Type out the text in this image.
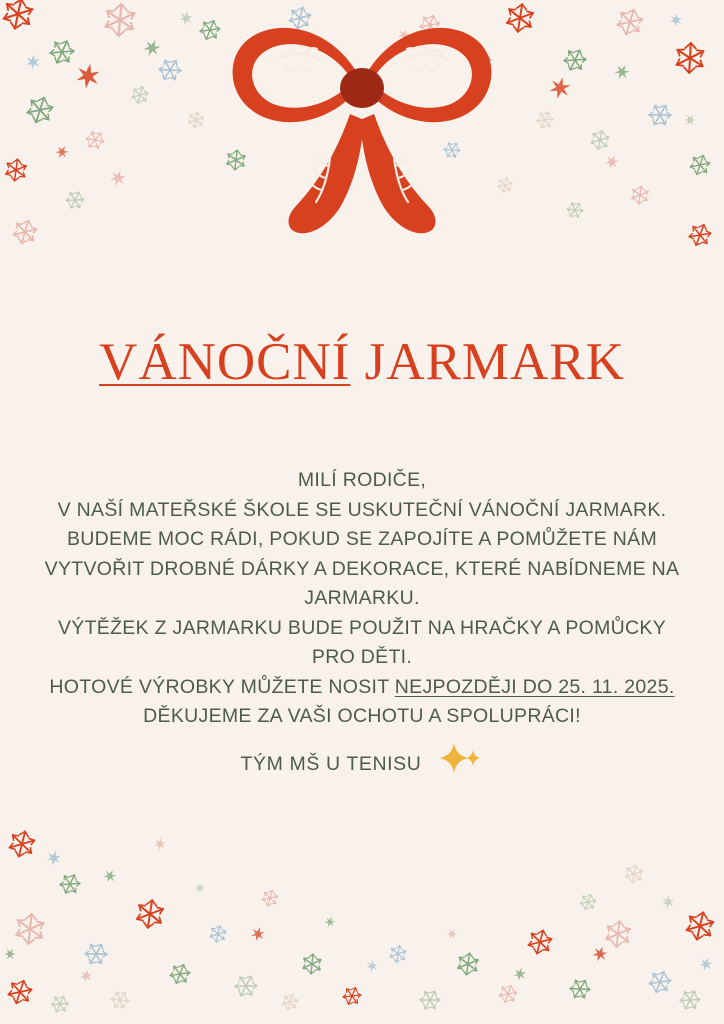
VÁNOČNÍ JARMARK
MILÍ RODIČE,
V NAŠÍ MATEŘSKÉ ŠKOLE SE USKUTEČNÍ VÁNOČNÍ JARMARK.
BUDEME MOC RÁDI, POKUD SE ZAPOJÍTE A POMŮŽETE NÁM
VYTVOŘIT DROBNÉ DÁRKY A DEKORACE, KTERÉ NABÍDNEME NA
JARMARKU.
VÝTĚŽEK Z JARMARKU BUDE POUŽIT NA HRAČKY A POMŮCKY
PRO DĚTI.
HOTOVÉ VÝROBKY MŮŽETE NOSIT NEJPOZDĚJI DO 25. 11. 2025.
DĚKUJEME ZA VAŠI OCHOTU A SPOLUPRÁCI!
TÝM MŠ U TENISU
